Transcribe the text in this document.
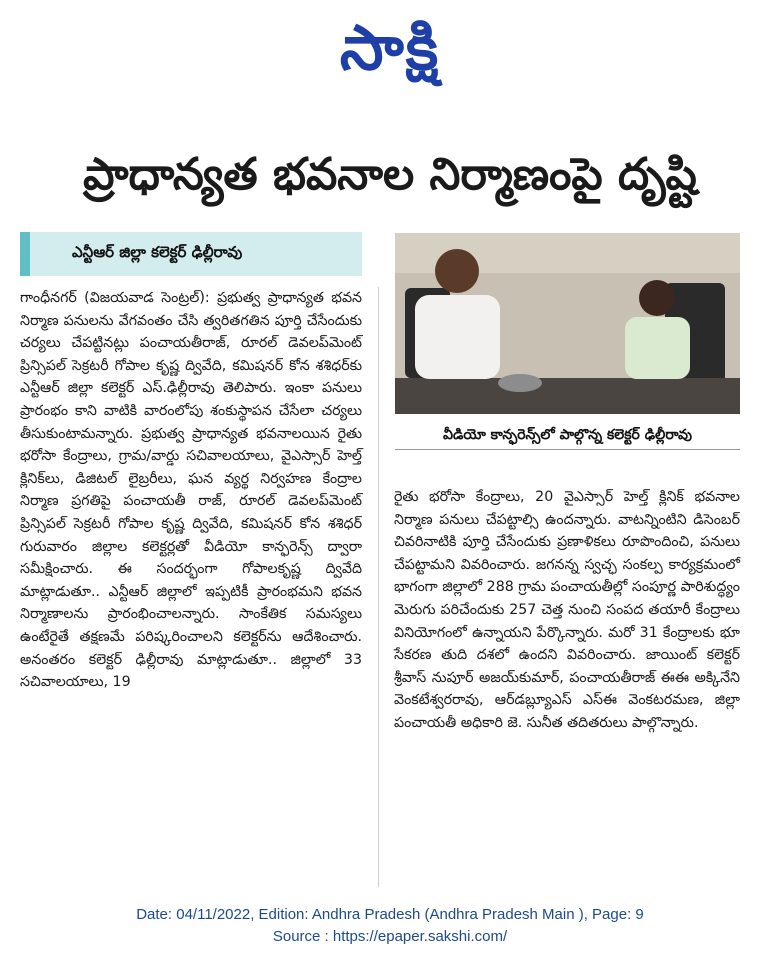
సాక్షి
ప్రాధాన్యత భవనాల నిర్మాణంపై దృష్టి
ఎన్టీఆర్ జిల్లా కలెక్టర్ ఢిల్లీరావు

గాంధీనగర్ (విజయవాడ సెంట్రల్): ప్రభుత్వ ప్రాధాన్యత భవన నిర్మాణ పనులను వేగవంతం చేసి త్వరితగతిన పూర్తి చేసేందుకు చర్యలు చేపట్టినట్లు పంచాయతీరాజ్, రూరల్ డెవలప్‌మెంట్ ప్రిన్సిపల్ సెక్రటరీ గోపాల కృష్ణ ద్వివేది, కమిషనర్ కోన శశిధర్‌కు ఎన్టీఆర్ జిల్లా కలెక్టర్ ఎస్.ఢిల్లీరావు తెలిపారు. ఇంకా పనులు ప్రారంభం కాని వాటికి వారంలోపు శంకుస్థాపన చేసేలా చర్యలు తీసుకుంటామన్నారు. ప్రభుత్వ ప్రాధాన్యత భవనాలయిన రైతు భరోసా కేంద్రాలు, గ్రామ/వార్డు సచివాలయాలు, వైఎస్సార్ హెల్త్ క్లినిక్‌లు, డిజిటల్ లైబ్రరీలు, ఘన వ్యర్థ నిర్వహణ కేంద్రాల నిర్మాణ ప్రగతిపై పంచాయతీ రాజ్, రూరల్ డెవలప్‌మెంట్ ప్రిన్సిపల్ సెక్రటరీ గోపాల కృష్ణ ద్వివేది, కమిషనర్ కోన శశిధర్ గురువారం జిల్లాల కలెక్టర్లతో వీడియో కాన్ఫరెన్స్ ద్వారా సమీక్షించారు. ఈ సందర్భంగా గోపాలకృష్ణ ద్వివేది మాట్లాడుతూ.. ఎన్టీఆర్ జిల్లాలో ఇప్పటికీ ప్రారంభమని భవన నిర్మాణాలను ప్రారంభించాలన్నారు. సాంకేతిక సమస్యలు ఉంటేరైతే తక్షణమే పరిష్కరించాలని కలెక్టర్‌ను ఆదేశించారు. అనంతరం కలెక్టర్ ఢిల్లీరావు మాట్లాడుతూ.. జిల్లాలో 33 సచివాలయాలు, 19

వీడియో కాన్ఫరెన్స్‌లో పాల్గొన్న కలెక్టర్ ఢిల్లీరావు

రైతు భరోసా కేంద్రాలు, 20 వైఎస్సార్ హెల్త్ క్లినిక్ భవనాల నిర్మాణ పనులు చేపట్టాల్సి ఉందన్నారు. వాటన్నింటిని డిసెంబర్ చివరినాటికి పూర్తి చేసేందుకు ప్రణాళికలు రూపొందించి, పనులు చేపట్టామని వివరించారు. జగనన్న స్వచ్ఛ సంకల్ప కార్యక్రమంలో భాగంగా జిల్లాలో 288 గ్రామ పంచాయతీల్లో సంపూర్ణ పారిశుద్ధ్యం మెరుగు పరిచేందుకు 257 చెత్త నుంచి సంపద తయారీ కేంద్రాలు వినియోగంలో ఉన్నాయని పేర్కొన్నారు. మరో 31 కేంద్రాలకు భూ సేకరణ తుది దశలో ఉందని వివరించారు. జాయింట్ కలెక్టర్ శ్రీవాస్ నుపూర్ అజయ్‌కుమార్, పంచాయతీరాజ్ ఈఈ అక్కినేని వెంకటేశ్వరరావు, ఆర్‌డబ్ల్యూఎస్ ఎస్ఈ వెంకటరమణ, జిల్లా పంచాయతీ అధికారి జె. సునీత తదితరులు పాల్గొన్నారు.

Date: 04/11/2022, Edition: Andhra Pradesh (Andhra Pradesh Main ), Page: 9
Source : https://epaper.sakshi.com/
